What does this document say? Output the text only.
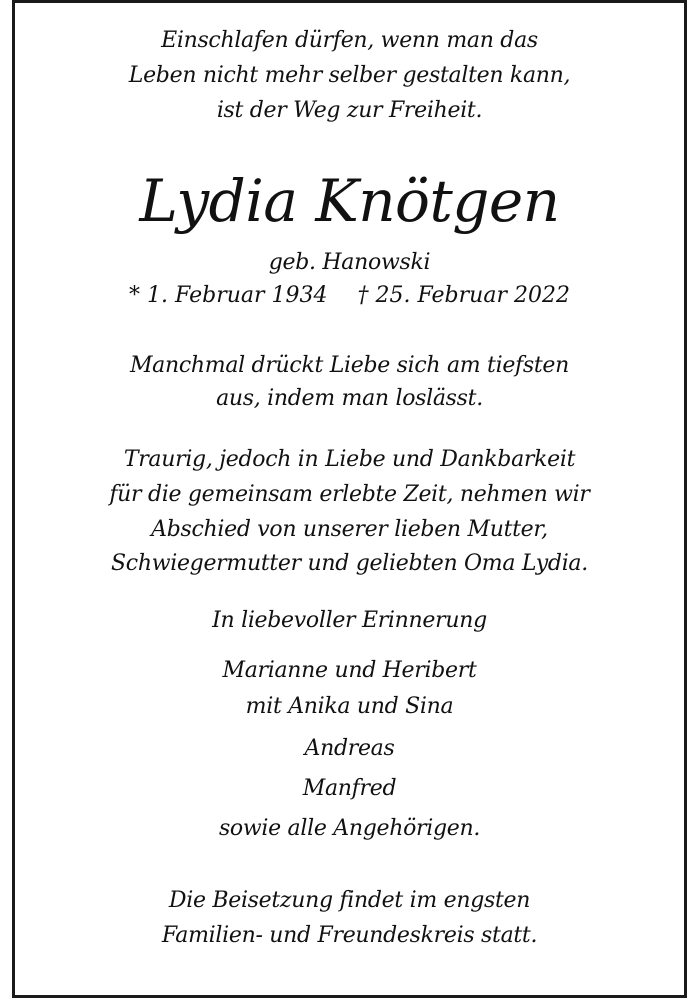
Einschlafen dürfen, wenn man das
Leben nicht mehr selber gestalten kann,
ist der Weg zur Freiheit.
Lydia Knötgen
geb. Hanowski
* 1. Februar 1934 † 25. Februar 2022
Manchmal drückt Liebe sich am tiefsten
aus, indem man loslässt.
Traurig, jedoch in Liebe und Dankbarkeit
für die gemeinsam erlebte Zeit, nehmen wir
Abschied von unserer lieben Mutter,
Schwiegermutter und geliebten Oma Lydia.
In liebevoller Erinnerung
Marianne und Heribert
mit Anika und Sina
Andreas
Manfred
sowie alle Angehörigen.
Die Beisetzung findet im engsten
Familien- und Freundeskreis statt.
